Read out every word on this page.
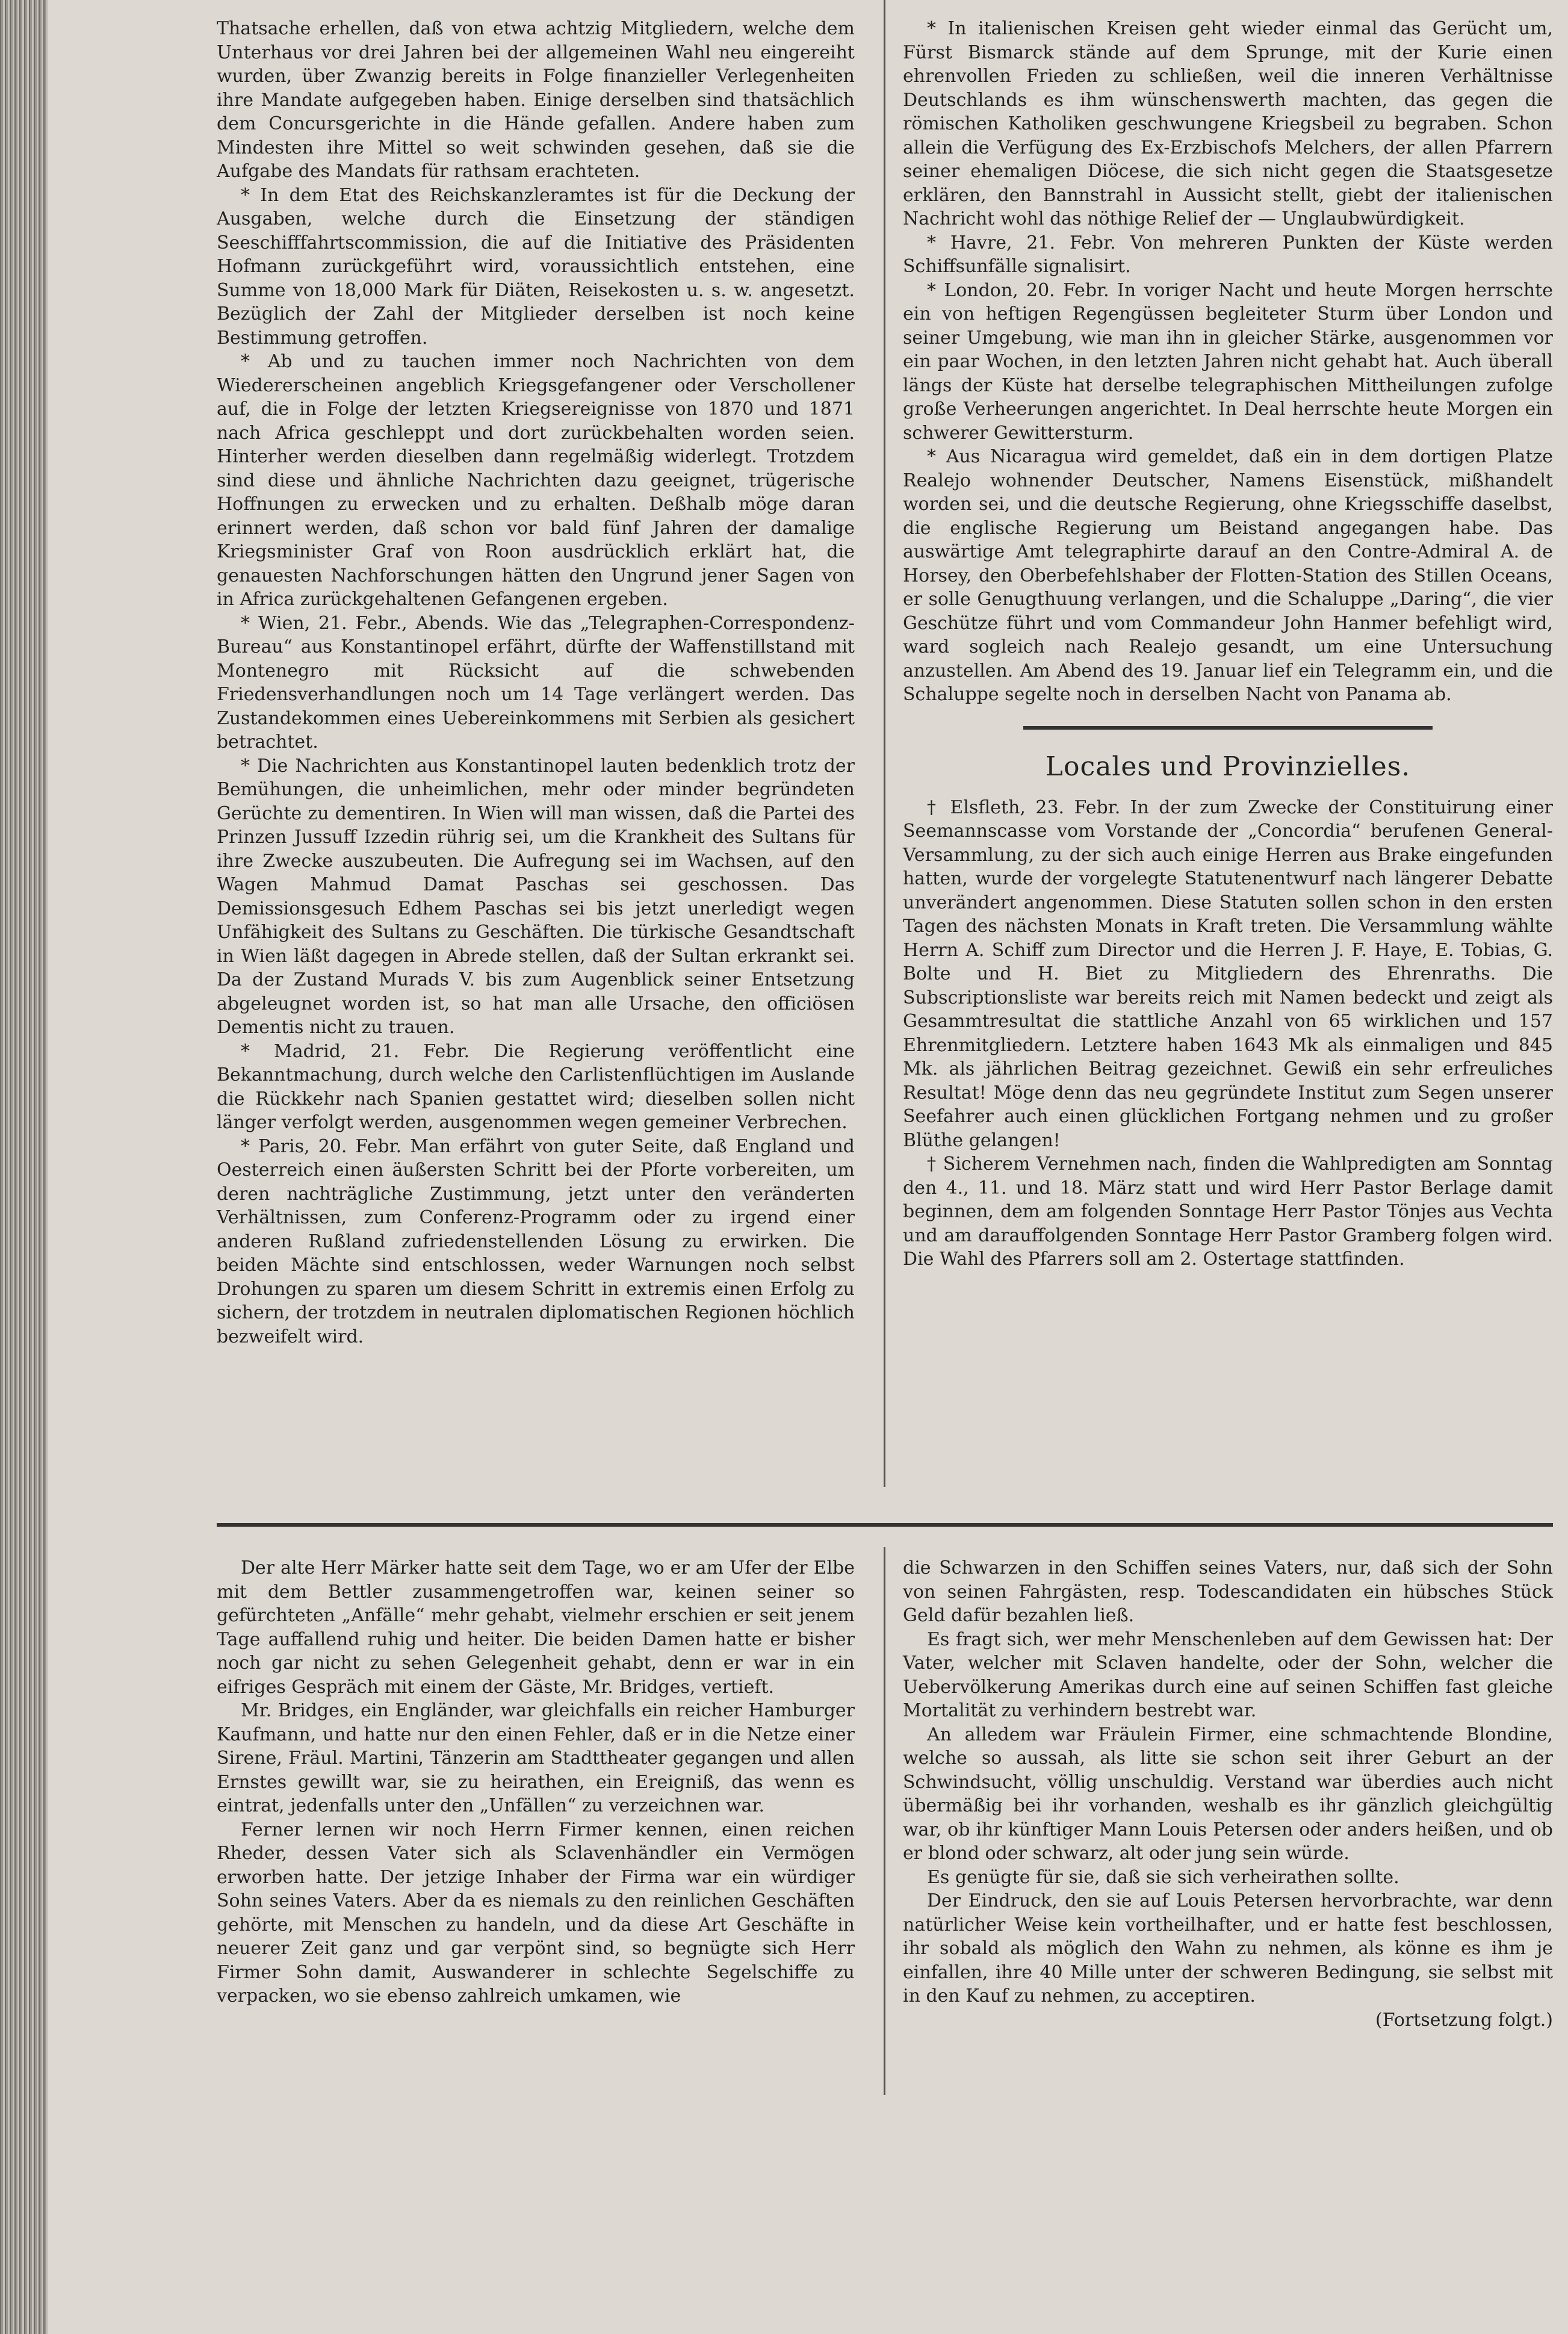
Thatsache erhellen, daß von etwa achtzig Mitgliedern, welche dem Unterhaus vor drei Jahren bei der allgemeinen Wahl neu eingereiht wurden, über Zwanzig bereits in Folge finanzieller Verlegenheiten ihre Mandate aufgegeben haben. Einige derselben sind thatsächlich dem Concursgerichte in die Hände gefallen. Andere haben zum Mindesten ihre Mittel so weit schwinden gesehen, daß sie die Aufgabe des Mandats für rathsam erachteten.

* In dem Etat des Reichskanzleramtes ist für die Deckung der Ausgaben, welche durch die Einsetzung der ständigen Seeschifffahrtscommission, die auf die Initiative des Präsidenten Hofmann zurückgeführt wird, voraussichtlich entstehen, eine Summe von 18,000 Mark für Diäten, Reisekosten u. s. w. angesetzt. Bezüglich der Zahl der Mitglieder derselben ist noch keine Bestimmung getroffen.

* Ab und zu tauchen immer noch Nachrichten von dem Wiedererscheinen angeblich Kriegsgefangener oder Verschollener auf, die in Folge der letzten Kriegsereignisse von 1870 und 1871 nach Africa geschleppt und dort zurückbehalten worden seien. Hinterher werden dieselben dann regelmäßig widerlegt. Trotzdem sind diese und ähnliche Nachrichten dazu geeignet, trügerische Hoffnungen zu erwecken und zu erhalten. Deßhalb möge daran erinnert werden, daß schon vor bald fünf Jahren der damalige Kriegsminister Graf von Roon ausdrücklich erklärt hat, die genauesten Nachforschungen hätten den Ungrund jener Sagen von in Africa zurückgehaltenen Gefangenen ergeben.

* Wien, 21. Febr., Abends. Wie das „Telegraphen-Correspondenz-Bureau“ aus Konstantinopel erfährt, dürfte der Waffenstillstand mit Montenegro mit Rücksicht auf die schwebenden Friedensverhandlungen noch um 14 Tage verlängert werden. Das Zustandekommen eines Uebereinkommens mit Serbien als gesichert betrachtet.

* Die Nachrichten aus Konstantinopel lauten bedenklich trotz der Bemühungen, die unheimlichen, mehr oder minder begründeten Gerüchte zu dementiren. In Wien will man wissen, daß die Partei des Prinzen Jussuff Izzedin rührig sei, um die Krankheit des Sultans für ihre Zwecke auszubeuten. Die Aufregung sei im Wachsen, auf den Wagen Mahmud Damat Paschas sei geschossen. Das Demissionsgesuch Edhem Paschas sei bis jetzt unerledigt wegen Unfähigkeit des Sultans zu Geschäften. Die türkische Gesandtschaft in Wien läßt dagegen in Abrede stellen, daß der Sultan erkrankt sei. Da der Zustand Murads V. bis zum Augenblick seiner Entsetzung abgeleugnet worden ist, so hat man alle Ursache, den officiösen Dementis nicht zu trauen.

* Madrid, 21. Febr. Die Regierung veröffentlicht eine Bekanntmachung, durch welche den Carlistenflüchtigen im Auslande die Rückkehr nach Spanien gestattet wird; dieselben sollen nicht länger verfolgt werden, ausgenommen wegen gemeiner Verbrechen.

* Paris, 20. Febr. Man erfährt von guter Seite, daß England und Oesterreich einen äußersten Schritt bei der Pforte vorbereiten, um deren nachträgliche Zustimmung, jetzt unter den veränderten Verhältnissen, zum Conferenz-Programm oder zu irgend einer anderen Rußland zufriedenstellenden Lösung zu erwirken. Die beiden Mächte sind entschlossen, weder Warnungen noch selbst Drohungen zu sparen um diesem Schritt in extremis einen Erfolg zu sichern, der trotzdem in neutralen diplomatischen Regionen höchlich bezweifelt wird.

* In italienischen Kreisen geht wieder einmal das Gerücht um, Fürst Bismarck stände auf dem Sprunge, mit der Kurie einen ehrenvollen Frieden zu schließen, weil die inneren Verhältnisse Deutschlands es ihm wünschenswerth machten, das gegen die römischen Katholiken geschwungene Kriegsbeil zu begraben. Schon allein die Verfügung des Ex-Erzbischofs Melchers, der allen Pfarrern seiner ehemaligen Diöcese, die sich nicht gegen die Staatsgesetze erklären, den Bannstrahl in Aussicht stellt, giebt der italienischen Nachricht wohl das nöthige Relief der — Unglaubwürdigkeit.

* Havre, 21. Febr. Von mehreren Punkten der Küste werden Schiffsunfälle signalisirt.

* London, 20. Febr. In voriger Nacht und heute Morgen herrschte ein von heftigen Regengüssen begleiteter Sturm über London und seiner Umgebung, wie man ihn in gleicher Stärke, ausgenommen vor ein paar Wochen, in den letzten Jahren nicht gehabt hat. Auch überall längs der Küste hat derselbe telegraphischen Mittheilungen zufolge große Verheerungen angerichtet. In Deal herrschte heute Morgen ein schwerer Gewittersturm.

* Aus Nicaragua wird gemeldet, daß ein in dem dortigen Platze Realejo wohnender Deutscher, Namens Eisenstück, mißhandelt worden sei, und die deutsche Regierung, ohne Kriegsschiffe daselbst, die englische Regierung um Beistand angegangen habe. Das auswärtige Amt telegraphirte darauf an den Contre-Admiral A. de Horsey, den Oberbefehlshaber der Flotten-Station des Stillen Oceans, er solle Genugthuung verlangen, und die Schaluppe „Daring“, die vier Geschütze führt und vom Commandeur John Hanmer befehligt wird, ward sogleich nach Realejo gesandt, um eine Untersuchung anzustellen. Am Abend des 19. Januar lief ein Telegramm ein, und die Schaluppe segelte noch in derselben Nacht von Panama ab.

Locales und Provinzielles.

† Elsfleth, 23. Febr. In der zum Zwecke der Constituirung einer Seemannscasse vom Vorstande der „Concordia“ berufenen General-Versammlung, zu der sich auch einige Herren aus Brake eingefunden hatten, wurde der vorgelegte Statutenentwurf nach längerer Debatte unverändert angenommen. Diese Statuten sollen schon in den ersten Tagen des nächsten Monats in Kraft treten. Die Versammlung wählte Herrn A. Schiff zum Director und die Herren J. F. Haye, E. Tobias, G. Bolte und H. Biet zu Mitgliedern des Ehrenraths. Die Subscriptionsliste war bereits reich mit Namen bedeckt und zeigt als Gesammtresultat die stattliche Anzahl von 65 wirklichen und 157 Ehrenmitgliedern. Letztere haben 1643 Mk als einmaligen und 845 Mk. als jährlichen Beitrag gezeichnet. Gewiß ein sehr erfreuliches Resultat! Möge denn das neu gegründete Institut zum Segen unserer Seefahrer auch einen glücklichen Fortgang nehmen und zu großer Blüthe gelangen!

† Sicherem Vernehmen nach, finden die Wahlpredigten am Sonntag den 4., 11. und 18. März statt und wird Herr Pastor Berlage damit beginnen, dem am folgenden Sonntage Herr Pastor Tönjes aus Vechta und am darauffolgenden Sonntage Herr Pastor Gramberg folgen wird. Die Wahl des Pfarrers soll am 2. Ostertage stattfinden.

Der alte Herr Märker hatte seit dem Tage, wo er am Ufer der Elbe mit dem Bettler zusammengetroffen war, keinen seiner so gefürchteten „Anfälle“ mehr gehabt, vielmehr erschien er seit jenem Tage auffallend ruhig und heiter. Die beiden Damen hatte er bisher noch gar nicht zu sehen Gelegenheit gehabt, denn er war in ein eifriges Gespräch mit einem der Gäste, Mr. Bridges, vertieft.

Mr. Bridges, ein Engländer, war gleichfalls ein reicher Hamburger Kaufmann, und hatte nur den einen Fehler, daß er in die Netze einer Sirene, Fräul. Martini, Tänzerin am Stadttheater gegangen und allen Ernstes gewillt war, sie zu heirathen, ein Ereigniß, das wenn es eintrat, jedenfalls unter den „Unfällen“ zu verzeichnen war.

Ferner lernen wir noch Herrn Firmer kennen, einen reichen Rheder, dessen Vater sich als Sclavenhändler ein Vermögen erworben hatte. Der jetzige Inhaber der Firma war ein würdiger Sohn seines Vaters. Aber da es niemals zu den reinlichen Geschäften gehörte, mit Menschen zu handeln, und da diese Art Geschäfte in neuerer Zeit ganz und gar verpönt sind, so begnügte sich Herr Firmer Sohn damit, Auswanderer in schlechte Segelschiffe zu verpacken, wo sie ebenso zahlreich umkamen, wie

die Schwarzen in den Schiffen seines Vaters, nur, daß sich der Sohn von seinen Fahrgästen, resp. Todescandidaten ein hübsches Stück Geld dafür bezahlen ließ.

Es fragt sich, wer mehr Menschenleben auf dem Gewissen hat: Der Vater, welcher mit Sclaven handelte, oder der Sohn, welcher die Uebervölkerung Amerikas durch eine auf seinen Schiffen fast gleiche Mortalität zu verhindern bestrebt war.

An alledem war Fräulein Firmer, eine schmachtende Blondine, welche so aussah, als litte sie schon seit ihrer Geburt an der Schwindsucht, völlig unschuldig. Verstand war überdies auch nicht übermäßig bei ihr vorhanden, weshalb es ihr gänzlich gleichgültig war, ob ihr künftiger Mann Louis Petersen oder anders heißen, und ob er blond oder schwarz, alt oder jung sein würde.

Es genügte für sie, daß sie sich verheirathen sollte.

Der Eindruck, den sie auf Louis Petersen hervorbrachte, war denn natürlicher Weise kein vortheilhafter, und er hatte fest beschlossen, ihr sobald als möglich den Wahn zu nehmen, als könne es ihm je einfallen, ihre 40 Mille unter der schweren Bedingung, sie selbst mit in den Kauf zu nehmen, zu acceptiren.

(Fortsetzung folgt.)
